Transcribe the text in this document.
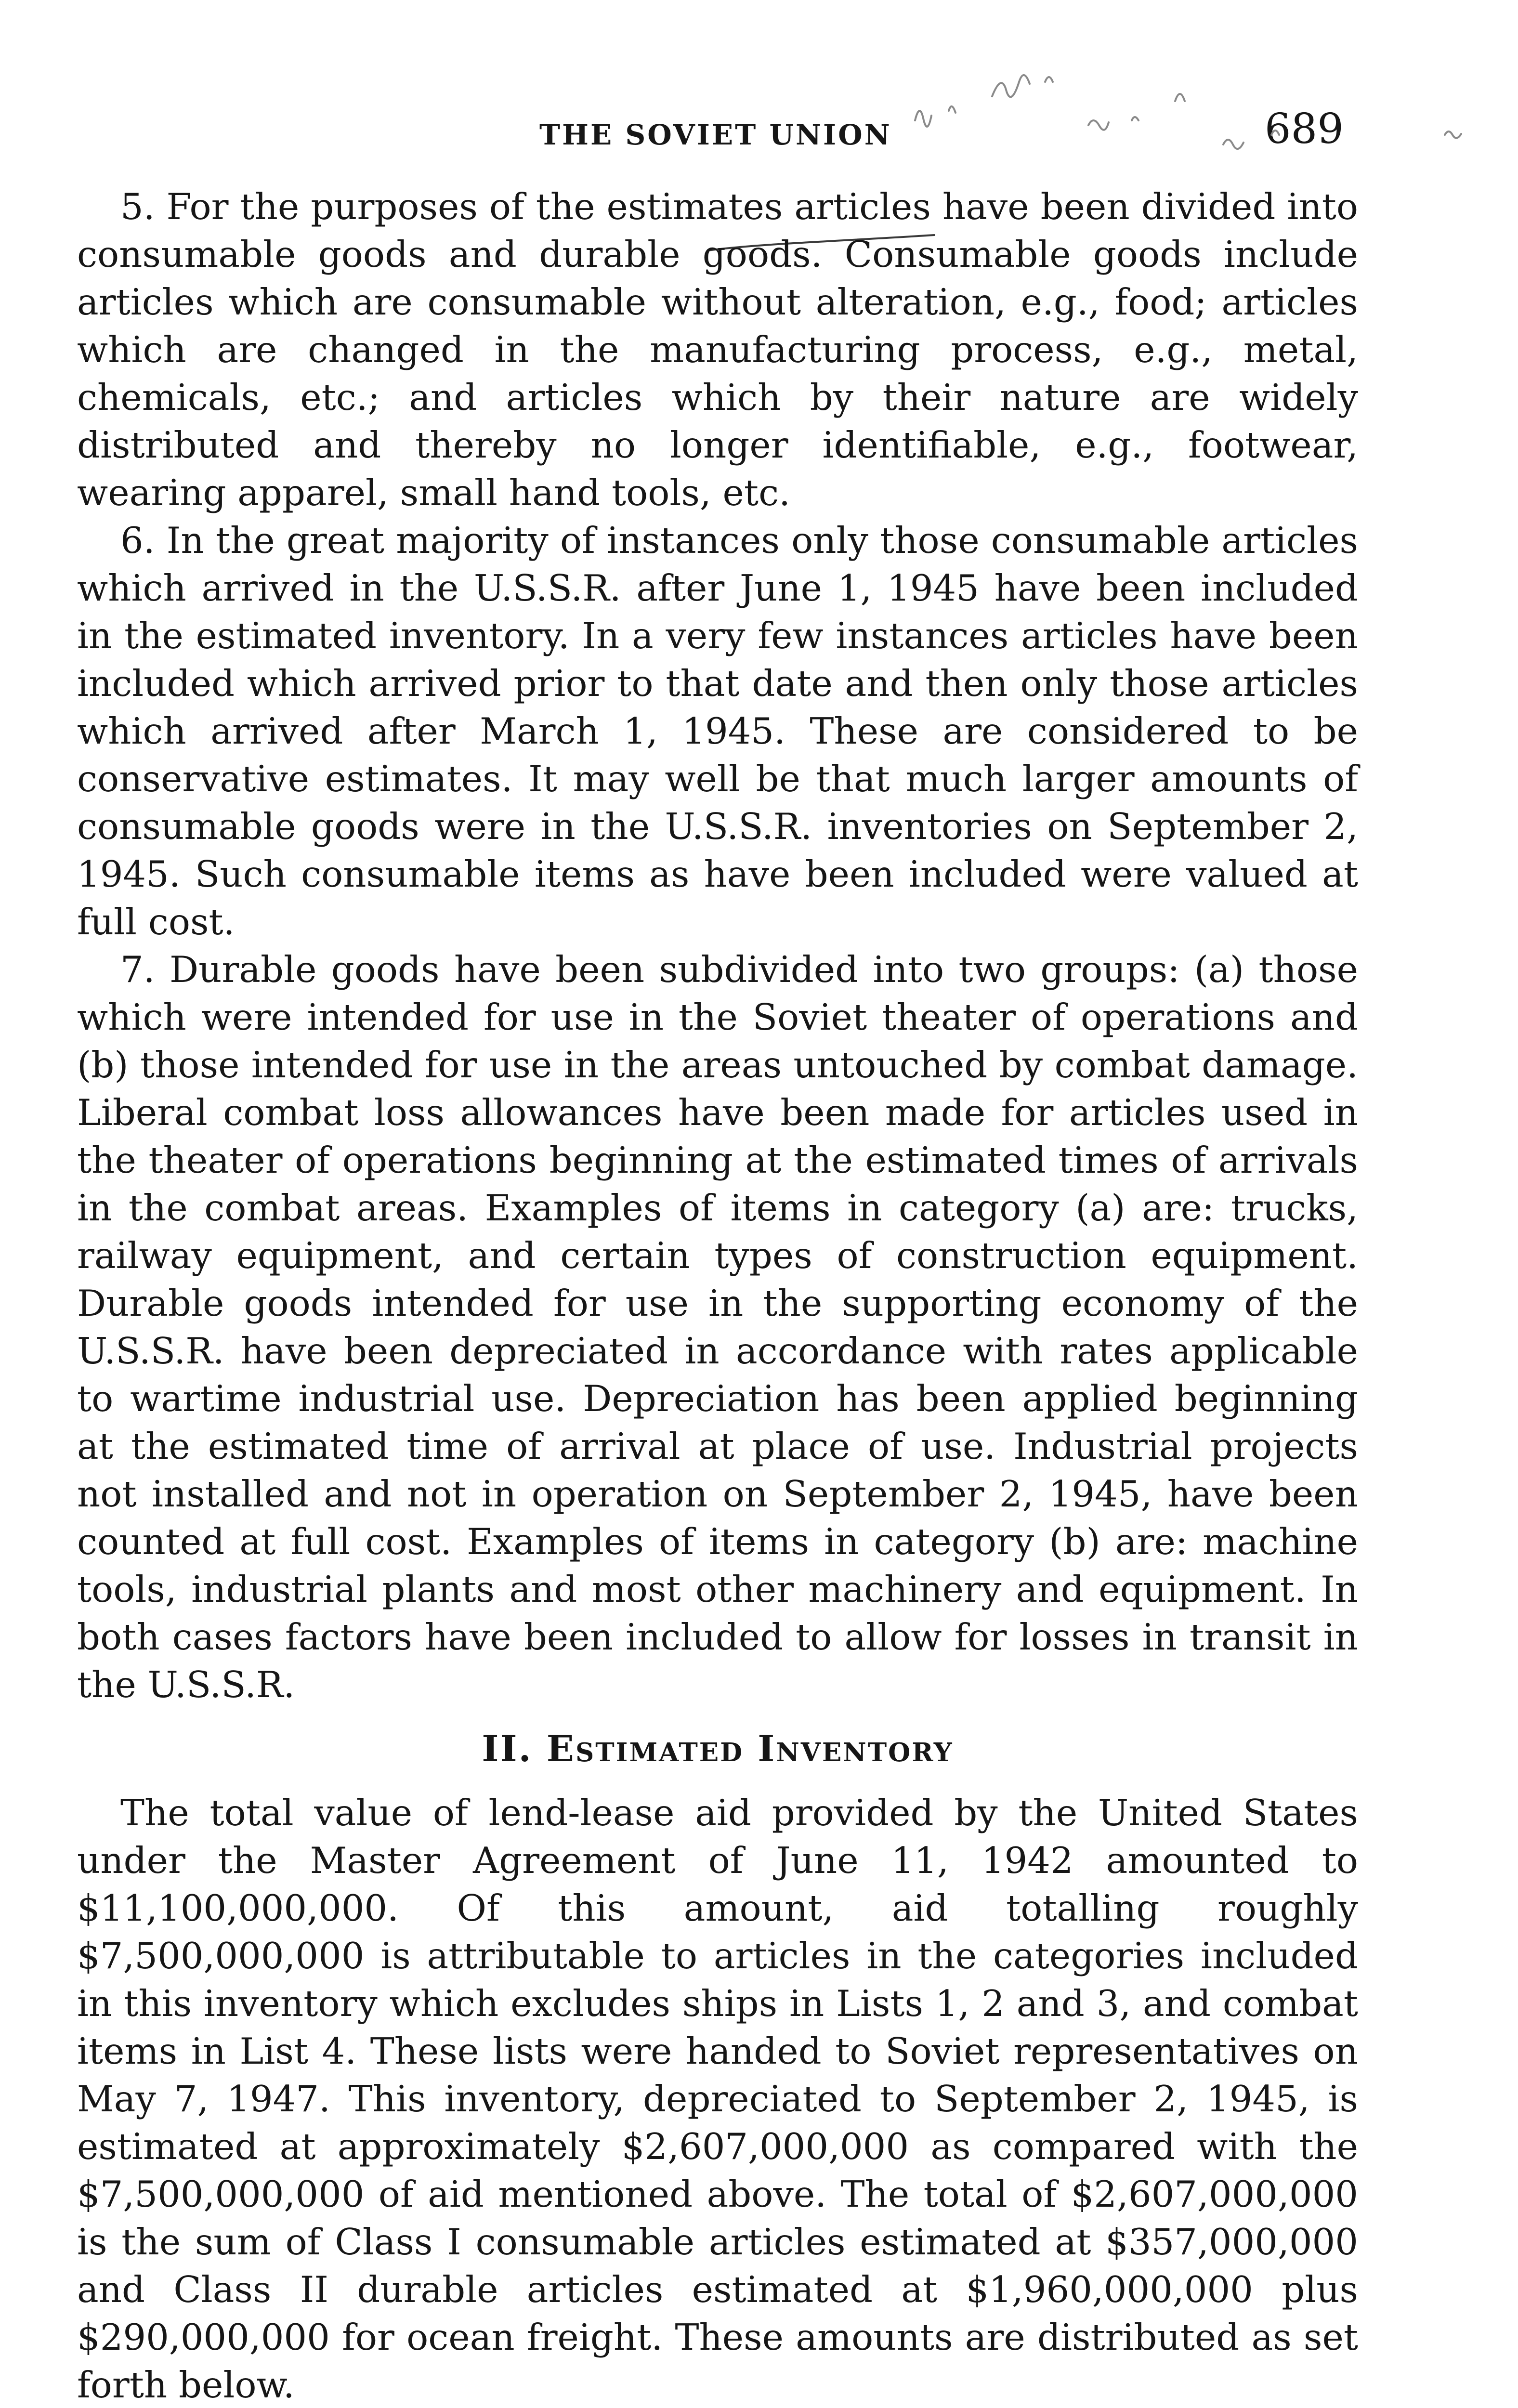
THE SOVIET UNION	689

5. For the purposes of the estimates articles have been divided into consumable goods and durable goods. Consumable goods include articles which are consumable without alteration, e.g., food; articles which are changed in the manufacturing process, e.g., metal, chemicals, etc.; and articles which by their nature are widely distributed and thereby no longer identifiable, e.g., footwear, wearing apparel, small hand tools, etc.

6. In the great majority of instances only those consumable articles which arrived in the U.S.S.R. after June 1, 1945 have been included in the estimated inventory. In a very few instances articles have been included which arrived prior to that date and then only those articles which arrived after March 1, 1945. These are considered to be conservative estimates. It may well be that much larger amounts of consumable goods were in the U.S.S.R. inventories on September 2, 1945. Such consumable items as have been included were valued at full cost.

7. Durable goods have been subdivided into two groups: (a) those which were intended for use in the Soviet theater of operations and (b) those intended for use in the areas untouched by combat damage. Liberal combat loss allowances have been made for articles used in the theater of operations beginning at the estimated times of arrivals in the combat areas. Examples of items in category (a) are: trucks, railway equipment, and certain types of construction equipment. Durable goods intended for use in the supporting economy of the U.S.S.R. have been depreciated in accordance with rates applicable to wartime industrial use. Depreciation has been applied beginning at the estimated time of arrival at place of use. Industrial projects not installed and not in operation on September 2, 1945, have been counted at full cost. Examples of items in category (b) are: machine tools, industrial plants and most other machinery and equipment. In both cases factors have been included to allow for losses in transit in the U.S.S.R.

II. Estimated Inventory

The total value of lend-lease aid provided by the United States under the Master Agreement of June 11, 1942 amounted to $11,100,000,000. Of this amount, aid totalling roughly $7,500,000,000 is attributable to articles in the categories included in this inventory which excludes ships in Lists 1, 2 and 3, and combat items in List 4. These lists were handed to Soviet representatives on May 7, 1947. This inventory, depreciated to September 2, 1945, is estimated at approximately $2,607,000,000 as compared with the $7,500,000,000 of aid mentioned above. The total of $2,607,000,000 is the sum of Class I consumable articles estimated at $357,000,000 and Class II durable articles estimated at $1,960,000,000 plus $290,000,000 for ocean freight. These amounts are distributed as set forth below.
